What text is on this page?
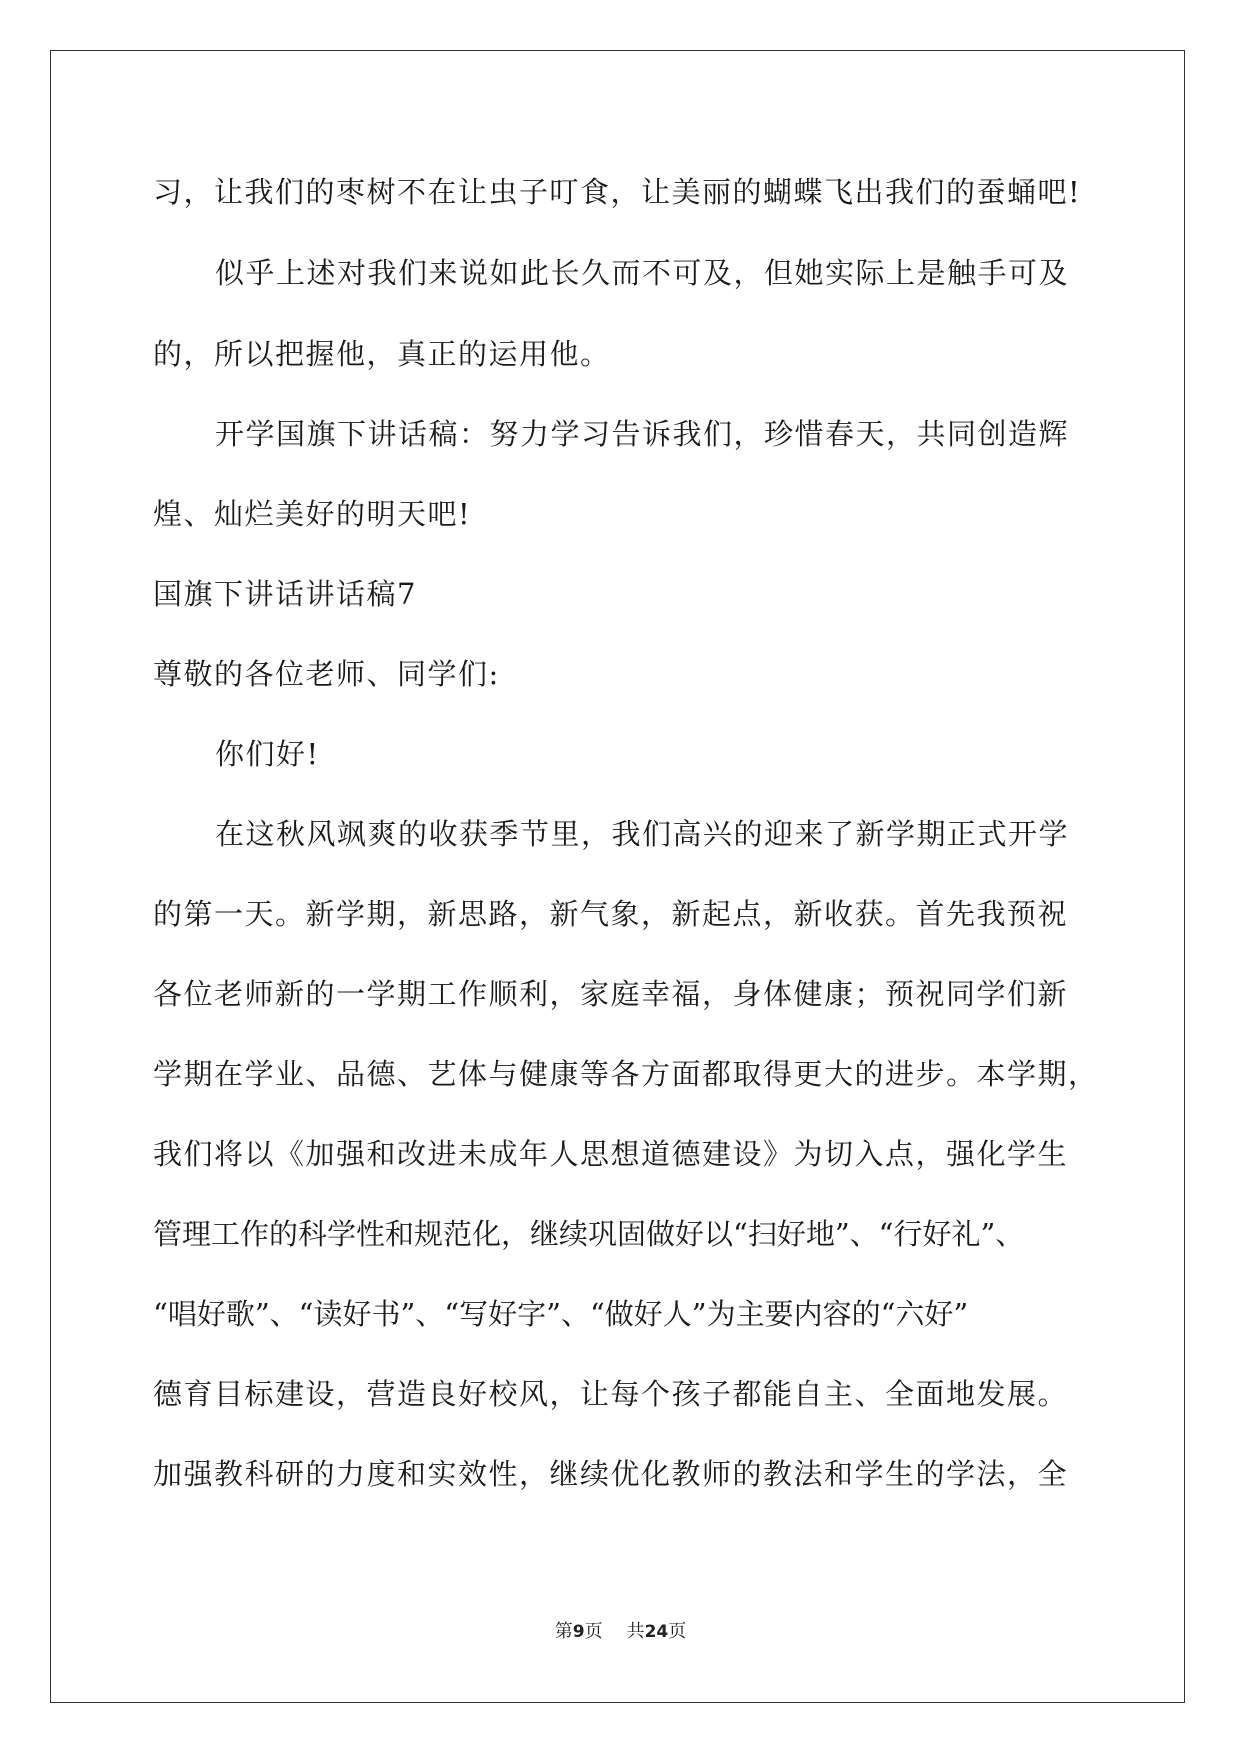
习，让我们的枣树不在让虫子叮食，让美丽的蝴蝶飞出我们的蚕蛹吧!
似乎上述对我们来说如此长久而不可及，但她实际上是触手可及
的，所以把握他，真正的运用他。
开学国旗下讲话稿：努力学习告诉我们，珍惜春天，共同创造辉
煌、灿烂美好的明天吧!
国旗下讲话讲话稿7
尊敬的各位老师、同学们:
你们好!
在这秋风飒爽的收获季节里，我们高兴的迎来了新学期正式开学
的第一天。新学期，新思路，新气象，新起点，新收获。首先我预祝
各位老师新的一学期工作顺利，家庭幸福，身体健康；预祝同学们新
学期在学业、品德、艺体与健康等各方面都取得更大的进步。本学期，
我们将以《加强和改进未成年人思想道德建设》为切入点，强化学生
管理工作的科学性和规范化，继续巩固做好以“扫好地”、“行好礼”、
“唱好歌”、“读好书”、“写好字”、“做好人”为主要内容的“六好”
德育目标建设，营造良好校风，让每个孩子都能自主、全面地发展。
加强教科研的力度和实效性，继续优化教师的教法和学生的学法，全
第9页 共24页
